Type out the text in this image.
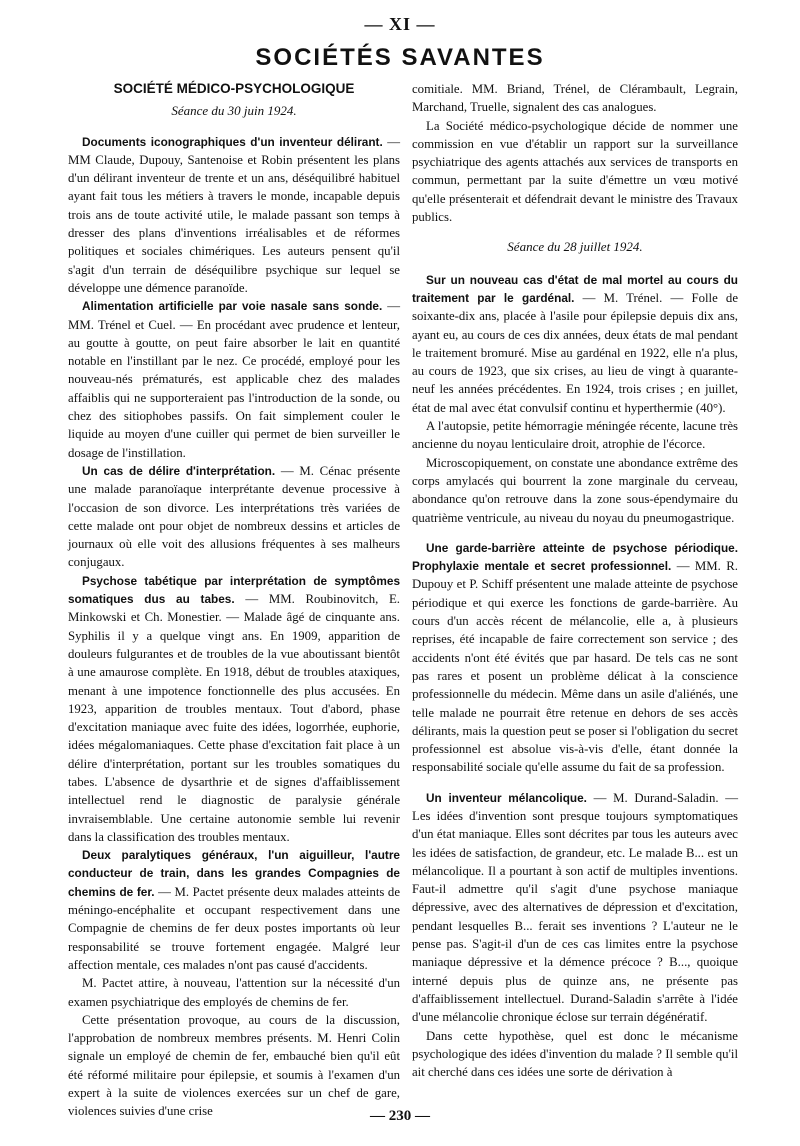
— XI —
SOCIÉTÉS SAVANTES

SOCIÉTÉ MÉDICO-PSYCHOLOGIQUE

Séance du 30 juin 1924.

Documents iconographiques d'un inventeur délirant. — MM Claude, Dupouy, Santenoise et Robin présentent les plans d'un délirant inventeur de trente et un ans, déséquilibré habituel ayant fait tous les métiers à travers le monde, incapable depuis trois ans de toute activité utile, le malade passant son temps à dresser des plans d'inventions irréalisables et de réformes politiques et sociales chimériques. Les auteurs pensent qu'il s'agit d'un terrain de déséquilibre psychique sur lequel se développe une démence paranoïde.

Alimentation artificielle par voie nasale sans sonde. — MM. Trénel et Cuel. — En procédant avec prudence et lenteur, au goutte à goutte, on peut faire absorber le lait en quantité notable en l'instillant par le nez. Ce procédé, employé pour les nouveau-nés prématurés, est applicable chez des malades affaiblis qui ne supporteraient pas l'introduction de la sonde, ou chez des sitiophobes passifs. On fait simplement couler le liquide au moyen d'une cuiller qui permet de bien surveiller le dosage de l'instillation.

Un cas de délire d'interprétation. — M. Cénac présente une malade paranoïaque interprétante devenue processive à l'occasion de son divorce. Les interprétations très variées de cette malade ont pour objet de nombreux dessins et articles de journaux où elle voit des allusions fréquentes à ses malheurs conjugaux.

Psychose tabétique par interprétation de symptômes somatiques dus au tabes. — MM. Roubinovitch, E. Minkowski et Ch. Monestier. — Malade âgé de cinquante ans. Syphilis il y a quelque vingt ans. En 1909, apparition de douleurs fulgurantes et de troubles de la vue aboutissant bientôt à une amaurose complète. En 1918, début de troubles ataxiques, menant à une impotence fonctionnelle des plus accusées. En 1923, apparition de troubles mentaux. Tout d'abord, phase d'excitation maniaque avec fuite des idées, logorrhée, euphorie, idées mégalomaniaques. Cette phase d'excitation fait place à un délire d'interprétation, portant sur les troubles somatiques du tabes. L'absence de dysarthrie et de signes d'affaiblissement intellectuel rend le diagnostic de paralysie générale invraisemblable. Une certaine autonomie semble lui revenir dans la classification des troubles mentaux.

Deux paralytiques généraux, l'un aiguilleur, l'autre conducteur de train, dans les grandes Compagnies de chemins de fer. — M. Pactet présente deux malades atteints de méningo-encéphalite et occupant respectivement dans une Compagnie de chemins de fer deux postes importants où leur responsabilité se trouve fortement engagée. Malgré leur affection mentale, ces malades n'ont pas causé d'accidents.

M. Pactet attire, à nouveau, l'attention sur la nécessité d'un examen psychiatrique des employés de chemins de fer.

Cette présentation provoque, au cours de la discussion, l'approbation de nombreux membres présents. M. Henri Colin signale un employé de chemin de fer, embauché bien qu'il eût été réformé militaire pour épilepsie, et soumis à l'examen d'un expert à la suite de violences exercées sur un chef de gare, violences suivies d'une crise

comitiale. MM. Briand, Trénel, de Clérambault, Legrain, Marchand, Truelle, signalent des cas analogues.

La Société médico-psychologique décide de nommer une commission en vue d'établir un rapport sur la surveillance psychiatrique des agents attachés aux services de transports en commun, permettant par la suite d'émettre un vœu motivé qu'elle présenterait et défendrait devant le ministre des Travaux publics.

Séance du 28 juillet 1924.

Sur un nouveau cas d'état de mal mortel au cours du traitement par le gardénal. — M. Trénel. — Folle de soixante-dix ans, placée à l'asile pour épilepsie depuis dix ans, ayant eu, au cours de ces dix années, deux états de mal pendant le traitement bromuré. Mise au gardénal en 1922, elle n'a plus, au cours de 1923, que six crises, au lieu de vingt à quarante-neuf les années précédentes. En 1924, trois crises ; en juillet, état de mal avec état convulsif continu et hyperthermie (40°).

A l'autopsie, petite hémorragie méningée récente, lacune très ancienne du noyau lenticulaire droit, atrophie de l'écorce.

Microscopiquement, on constate une abondance extrême des corps amylacés qui bourrent la zone marginale du cerveau, abondance qu'on retrouve dans la zone sous-épendymaire du quatrième ventricule, au niveau du noyau du pneumogastrique.

Une garde-barrière atteinte de psychose périodique. Prophylaxie mentale et secret professionnel. — MM. R. Dupouy et P. Schiff présentent une malade atteinte de psychose périodique et qui exerce les fonctions de garde-barrière. Au cours d'un accès récent de mélancolie, elle a, à plusieurs reprises, été incapable de faire correctement son service ; des accidents n'ont été évités que par hasard. De tels cas ne sont pas rares et posent un problème délicat à la conscience professionnelle du médecin. Même dans un asile d'aliénés, une telle malade ne pourrait être retenue en dehors de ses accès délirants, mais la question peut se poser si l'obligation du secret professionnel est absolue vis-à-vis d'elle, étant donnée la responsabilité sociale qu'elle assume du fait de sa profession.

Un inventeur mélancolique. — M. Durand-Saladin. — Les idées d'invention sont presque toujours symptomatiques d'un état maniaque. Elles sont décrites par tous les auteurs avec les idées de satisfaction, de grandeur, etc. Le malade B... est un mélancolique. Il a pourtant à son actif de multiples inventions. Faut-il admettre qu'il s'agit d'une psychose maniaque dépressive, avec des alternatives de dépression et d'excitation, pendant lesquelles B... ferait ses inventions ? L'auteur ne le pense pas. S'agit-il d'un de ces cas limites entre la psychose maniaque dépressive et la démence précoce ? B..., quoique interné depuis plus de quinze ans, ne présente pas d'affaiblissement intellectuel. Durand-Saladin s'arrête à l'idée d'une mélancolie chronique éclose sur terrain dégénératif.

Dans cette hypothèse, quel est donc le mécanisme psychologique des idées d'invention du malade ? Il semble qu'il ait cherché dans ces idées une sorte de dérivation à

— 230 —
